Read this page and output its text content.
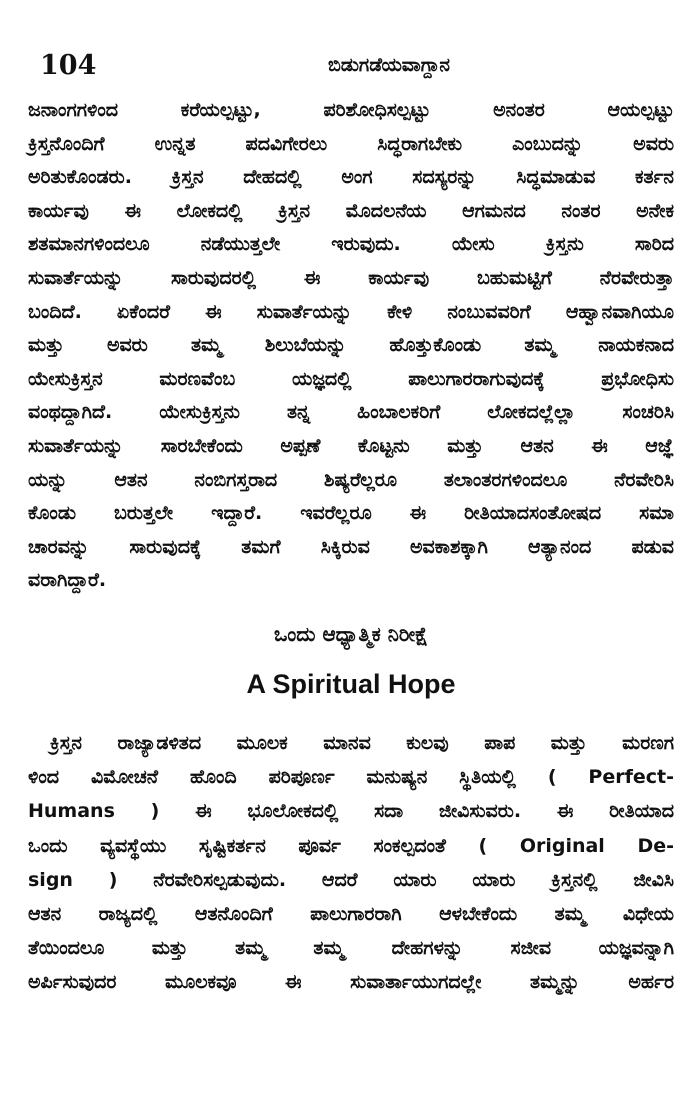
104	ಬಿಡುಗಡೆಯವಾಗ್ದಾನ
ಜನಾಂಗಗಳಿಂದ ಕರೆಯಲ್ಪಟ್ಟು, ಪರಿಶೋಧಿಸಲ್ಪಟ್ಟು ಅನಂತರ ಆಯಲ್ಪಟ್ಟು
ಕ್ರಿಸ್ತನೊಂದಿಗೆ ಉನ್ನತ ಪದವಿಗೇರಲು ಸಿದ್ಧರಾಗಬೇಕು ಎಂಬುದನ್ನು ಅವರು
ಅರಿತುಕೊಂಡರು. ಕ್ರಿಸ್ತನ ದೇಹದಲ್ಲಿ ಅಂಗ ಸದಸ್ಯರನ್ನು ಸಿದ್ಧಮಾಡುವ ಕರ್ತನ
ಕಾರ್ಯವು ಈ ಲೋಕದಲ್ಲಿ ಕ್ರಿಸ್ತನ ಮೊದಲನೆಯ ಆಗಮನದ ನಂತರ ಅನೇಕ
ಶತಮಾನಗಳಿಂದಲೂ ನಡೆಯುತ್ತಲೇ ಇರುವುದು. ಯೇಸು ಕ್ರಿಸ್ತನು ಸಾರಿದ
ಸುವಾರ್ತೆಯನ್ನು ಸಾರುವುದರಲ್ಲಿ ಈ ಕಾರ್ಯವು ಬಹುಮಟ್ಟಿಗೆ ನೆರವೇರುತ್ತಾ
ಬಂದಿದೆ. ಏಕೆಂದರೆ ಈ ಸುವಾರ್ತೆಯನ್ನು ಕೇಳಿ ನಂಬುವವರಿಗೆ ಆಹ್ವಾನವಾಗಿಯೂ
ಮತ್ತು ಅವರು ತಮ್ಮ ಶಿಲುಬೆಯನ್ನು ಹೊತ್ತುಕೊಂಡು ತಮ್ಮ ನಾಯಕನಾದ
ಯೇಸುಕ್ರಿಸ್ತನ ಮರಣವೆಂಬ ಯಜ್ಞದಲ್ಲಿ ಪಾಲುಗಾರರಾಗುವುದಕ್ಕೆ ಪ್ರಭೋಧಿಸು
ವಂಥದ್ದಾಗಿದೆ. ಯೇಸುಕ್ರಿಸ್ತನು ತನ್ನ ಹಿಂಬಾಲಕರಿಗೆ ಲೋಕದಲ್ಲೆಲ್ಲಾ ಸಂಚರಿಸಿ
ಸುವಾರ್ತೆಯನ್ನು ಸಾರಬೇಕೆಂದು ಅಪ್ಪಣೆ ಕೊಟ್ಟನು ಮತ್ತು ಆತನ ಈ ಆಜ್ಞೆ
ಯನ್ನು ಆತನ ನಂಬಿಗಸ್ತರಾದ ಶಿಷ್ಯರೆಲ್ಲರೂ ತಲಾಂತರಗಳಿಂದಲೂ ನೆರವೇರಿಸಿ
ಕೊಂಡು ಬರುತ್ತಲೇ ಇದ್ದಾರೆ. ಇವರೆಲ್ಲರೂ ಈ ರೀತಿಯಾದಸಂತೋಷದ ಸಮಾ
ಚಾರವನ್ನು ಸಾರುವುದಕ್ಕೆ ತಮಗೆ ಸಿಕ್ಕಿರುವ ಅವಕಾಶಕ್ಕಾಗಿ ಆತ್ಯಾನಂದ ಪಡುವ
ವರಾಗಿದ್ದಾರೆ.
ಒಂದು ಆಧ್ಯಾತ್ಮಿಕ ನಿರೀಕ್ಷೆ
A Spiritual Hope
ಕ್ರಿಸ್ತನ ರಾಜ್ಯಾಡಳಿತದ ಮೂಲಕ ಮಾನವ ಕುಲವು ಪಾಪ ಮತ್ತು ಮರಣಗ
ಳಿಂದ ವಿಮೋಚನೆ ಹೊಂದಿ ಪರಿಪೂರ್ಣ ಮನುಷ್ಯನ ಸ್ಥಿತಿಯಲ್ಲಿ ( Perfect-
Humans ) ಈ ಭೂಲೋಕದಲ್ಲಿ ಸದಾ ಜೀವಿಸುವರು. ಈ ರೀತಿಯಾದ
ಒಂದು ವ್ಯವಸ್ಥೆಯು ಸೃಷ್ಟಿಕರ್ತನ ಪೂರ್ವ ಸಂಕಲ್ಪದಂತೆ ( Original De-
sign ) ನೆರವೇರಿಸಲ್ಪಡುವುದು. ಆದರೆ ಯಾರು ಯಾರು ಕ್ರಿಸ್ತನಲ್ಲಿ ಜೀವಿಸಿ
ಆತನ ರಾಜ್ಯದಲ್ಲಿ ಆತನೊಂದಿಗೆ ಪಾಲುಗಾರರಾಗಿ ಆಳಬೇಕೆಂದು ತಮ್ಮ ವಿಧೇಯ
ತೆಯಿಂದಲೂ ಮತ್ತು ತಮ್ಮ ತಮ್ಮ ದೇಹಗಳನ್ನು ಸಜೀವ ಯಜ್ಞವನ್ನಾಗಿ
ಅರ್ಪಿಸುವುದರ ಮೂಲಕವೂ ಈ ಸುವಾರ್ತಾಯುಗದಲ್ಲೇ ತಮ್ಮನ್ನು ಅರ್ಹರ
